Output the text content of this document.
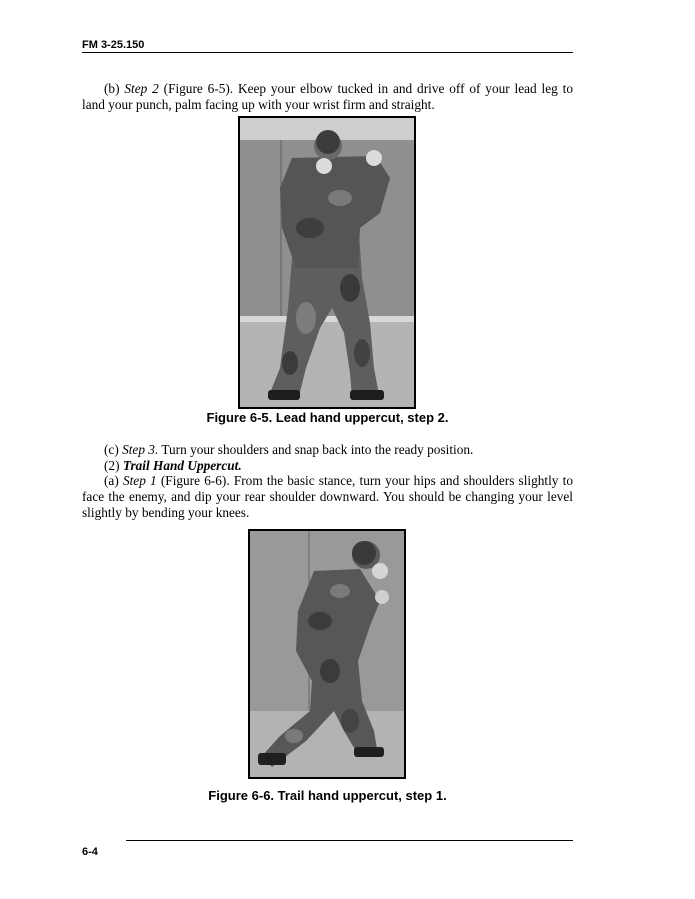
FM 3-25.150
(b) Step 2 (Figure 6-5). Keep your elbow tucked in and drive off of your lead leg to land your punch, palm facing up with your wrist firm and straight.
Figure 6-5. Lead hand uppercut, step 2.
(c) Step 3. Turn your shoulders and snap back into the ready position.
(2) Trail Hand Uppercut.
(a) Step 1 (Figure 6-6). From the basic stance, turn your hips and shoulders slightly to face the enemy, and dip your rear shoulder downward. You should be changing your level slightly by bending your knees.
Figure 6-6. Trail hand uppercut, step 1.
6-4
